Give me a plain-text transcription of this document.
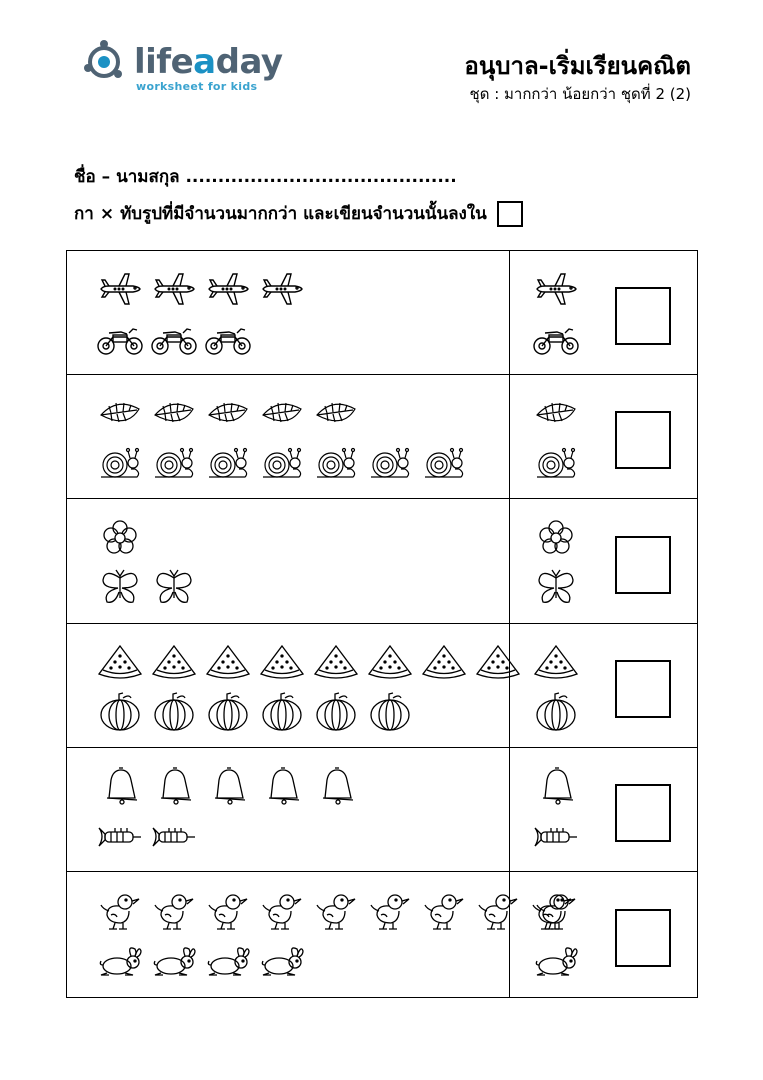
lifeaday
worksheet for kids
อนุบาล-เริ่มเรียนคณิต
ชุด : มากกว่า น้อยกว่า ชุดที่ 2 (2)
ชื่อ – นามสกุล ..........................................
กา × ทับรูปที่มีจำนวนมากกว่า และเขียนจำนวนนั้นลงใน
